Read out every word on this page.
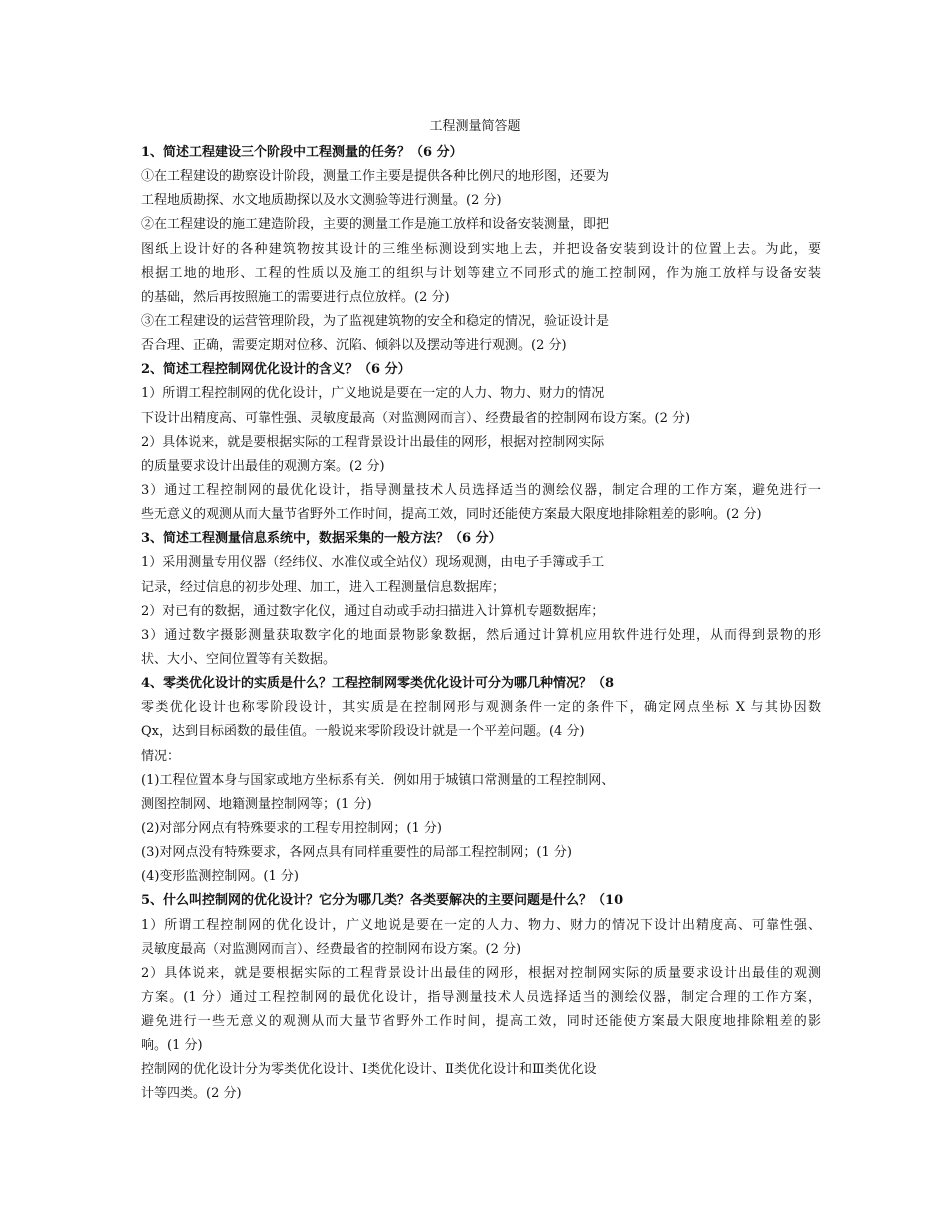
工程测量简答题
1、简述工程建设三个阶段中工程测量的任务？（6 分）
①在工程建设的勘察设计阶段，测量工作主要是提供各种比例尺的地形图，还要为
工程地质勘探、水文地质勘探以及水文测验等进行测量。(2 分)
②在工程建设的施工建造阶段，主要的测量工作是施工放样和设备安装测量，即把
图纸上设计好的各种建筑物按其设计的三维坐标测设到实地上去，并把设备安装到设计的位置上去。为此，要
根据工地的地形、工程的性质以及施工的组织与计划等建立不同形式的施工控制网，作为施工放样与设备安装
的基础，然后再按照施工的需要进行点位放样。(2 分)
③在工程建设的运营管理阶段，为了监视建筑物的安全和稳定的情况，验证设计是
否合理、正确，需要定期对位移、沉陷、倾斜以及摆动等进行观测。(2 分)
2、简述工程控制网优化设计的含义？（6 分）
1）所谓工程控制网的优化设计，广义地说是要在一定的人力、物力、财力的情况
下设计出精度高、可靠性强、灵敏度最高（对监测网而言）、经费最省的控制网布设方案。(2 分)
2）具体说来，就是要根据实际的工程背景设计出最佳的网形，根据对控制网实际
的质量要求设计出最佳的观测方案。(2 分)
3）通过工程控制网的最优化设计，指导测量技术人员选择适当的测绘仪器，制定合理的工作方案，避免进行一
些无意义的观测从而大量节省野外工作时间，提高工效，同时还能使方案最大限度地排除粗差的影响。(2 分)
3、简述工程测量信息系统中，数据采集的一般方法？（6 分）
1）采用测量专用仪器（经纬仪、水准仪或全站仪）现场观测，由电子手簿或手工
记录，经过信息的初步处理、加工，进入工程测量信息数据库；
2）对已有的数据，通过数字化仪，通过自动或手动扫描进入计算机专题数据库；
3）通过数字摄影测量获取数字化的地面景物影象数据，然后通过计算机应用软件进行处理，从而得到景物的形
状、大小、空间位置等有关数据。
4、零类优化设计的实质是什么？工程控制网零类优化设计可分为哪几种情况？（8
零类优化设计也称零阶段设计，其实质是在控制网形与观测条件一定的条件下，确定网点坐标 X 与其协因数
Qx，达到目标函数的最佳值。一般说来零阶段设计就是一个平差问题。(4 分)
情况：
(1)工程位置本身与国家或地方坐标系有关．例如用于城镇口常测量的工程控制网、
测图控制网、地籍测量控制网等；(1 分)
(2)对部分网点有特殊要求的工程专用控制网；(1 分)
(3)对网点没有特殊要求，各网点具有同样重要性的局部工程控制网；(1 分)
(4)变形监测控制网。(1 分)
5、什么叫控制网的优化设计？它分为哪几类？各类要解决的主要问题是什么？（10
1）所谓工程控制网的优化设计，广义地说是要在一定的人力、物力、财力的情况下设计出精度高、可靠性强、
灵敏度最高（对监测网而言）、经费最省的控制网布设方案。(2 分)
2）具体说来，就是要根据实际的工程背景设计出最佳的网形，根据对控制网实际的质量要求设计出最佳的观测
方案。(1 分）通过工程控制网的最优化设计，指导测量技术人员选择适当的测绘仪器，制定合理的工作方案，
避免进行一些无意义的观测从而大量节省野外工作时间，提高工效，同时还能使方案最大限度地排除粗差的影
响。(1 分)
控制网的优化设计分为零类优化设计、Ⅰ类优化设计、Ⅱ类优化设计和Ⅲ类优化设
计等四类。(2 分)
